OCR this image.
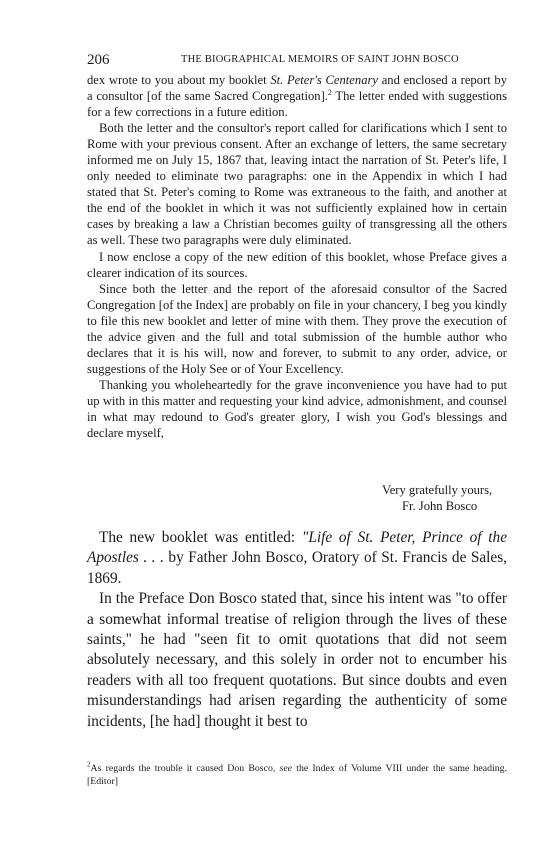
206	THE BIOGRAPHICAL MEMOIRS OF SAINT JOHN BOSCO

dex wrote to you about my booklet St. Peter's Centenary and enclosed a report by a consultor [of the same Sacred Congregation].$^2$ The letter ended with suggestions for a few corrections in a future edition.

Both the letter and the consultor's report called for clarifications which I sent to Rome with your previous consent. After an exchange of letters, the same secretary informed me on July 15, 1867 that, leaving intact the narration of St. Peter's life, I only needed to eliminate two paragraphs: one in the Appendix in which I had stated that St. Peter's coming to Rome was extraneous to the faith, and another at the end of the booklet in which it was not sufficiently explained how in certain cases by breaking a law a Christian becomes guilty of transgressing all the others as well. These two paragraphs were duly eliminated.

I now enclose a copy of the new edition of this booklet, whose Preface gives a clearer indication of its sources.

Since both the letter and the report of the aforesaid consultor of the Sacred Congregation [of the Index] are probably on file in your chancery, I beg you kindly to file this new booklet and letter of mine with them. They prove the execution of the advice given and the full and total submission of the humble author who declares that it is his will, now and forever, to submit to any order, advice, or suggestions of the Holy See or of Your Excellency.

Thanking you wholeheartedly for the grave inconvenience you have had to put up with in this matter and requesting your kind advice, admonishment, and counsel in what may redound to God's greater glory, I wish you God's blessings and declare myself,

Very gratefully yours,
Fr. John Bosco

The new booklet was entitled: "Life of St. Peter, Prince of the Apostles . . . by Father John Bosco, Oratory of St. Francis de Sales, 1869.

In the Preface Don Bosco stated that, since his intent was "to offer a somewhat informal treatise of religion through the lives of these saints," he had "seen fit to omit quotations that did not seem absolutely necessary, and this solely in order not to encumber his readers with all too frequent quotations. But since doubts and even misunderstandings had arisen regarding the authenticity of some incidents, [he had] thought it best to

$^2$As regards the trouble it caused Don Bosco, see the Index of Volume VIII under the same heading. [Editor]
